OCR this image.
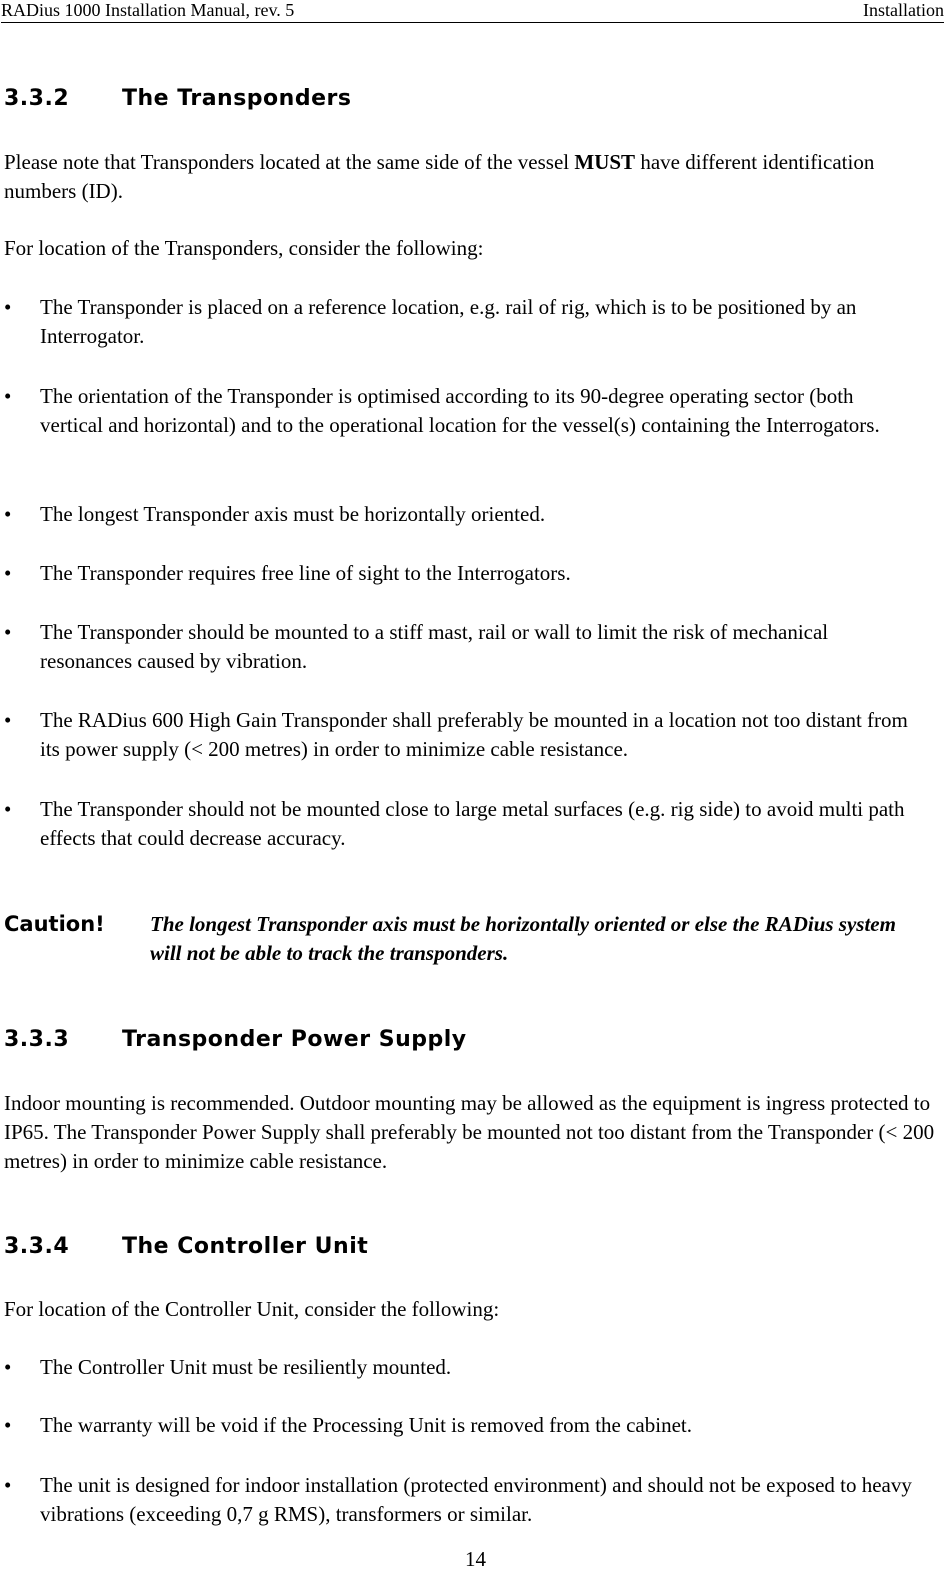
RADius 1000 Installation Manual, rev. 5	Installation
3.3.2 The Transponders

Please note that Transponders located at the same side of the vessel MUST have different identification numbers (ID).

For location of the Transponders, consider the following:

•	The Transponder is placed on a reference location, e.g. rail of rig, which is to be positioned by an Interrogator.
•	The orientation of the Transponder is optimised according to its 90-degree operating sector (both vertical and horizontal) and to the operational location for the vessel(s) containing the Interrogators.
•	The longest Transponder axis must be horizontally oriented.
•	The Transponder requires free line of sight to the Interrogators.
•	The Transponder should be mounted to a stiff mast, rail or wall to limit the risk of mechanical resonances caused by vibration.
•	The RADius 600 High Gain Transponder shall preferably be mounted in a location not too distant from its power supply (< 200 metres) in order to minimize cable resistance.
•	The Transponder should not be mounted close to large metal surfaces (e.g. rig side) to avoid multi path effects that could decrease accuracy.
Caution! The longest Transponder axis must be horizontally oriented or else the RADius system will not be able to track the transponders.
3.3.3 Transponder Power Supply

Indoor mounting is recommended. Outdoor mounting may be allowed as the equipment is ingress protected to IP65. The Transponder Power Supply shall preferably be mounted not too distant from the Transponder (< 200 metres) in order to minimize cable resistance.

3.3.4 The Controller Unit

For location of the Controller Unit, consider the following:

•	The Controller Unit must be resiliently mounted.
•	The warranty will be void if the Processing Unit is removed from the cabinet.
•	The unit is designed for indoor installation (protected environment) and should not be exposed to heavy vibrations (exceeding 0,7 g RMS), transformers or similar.
14
